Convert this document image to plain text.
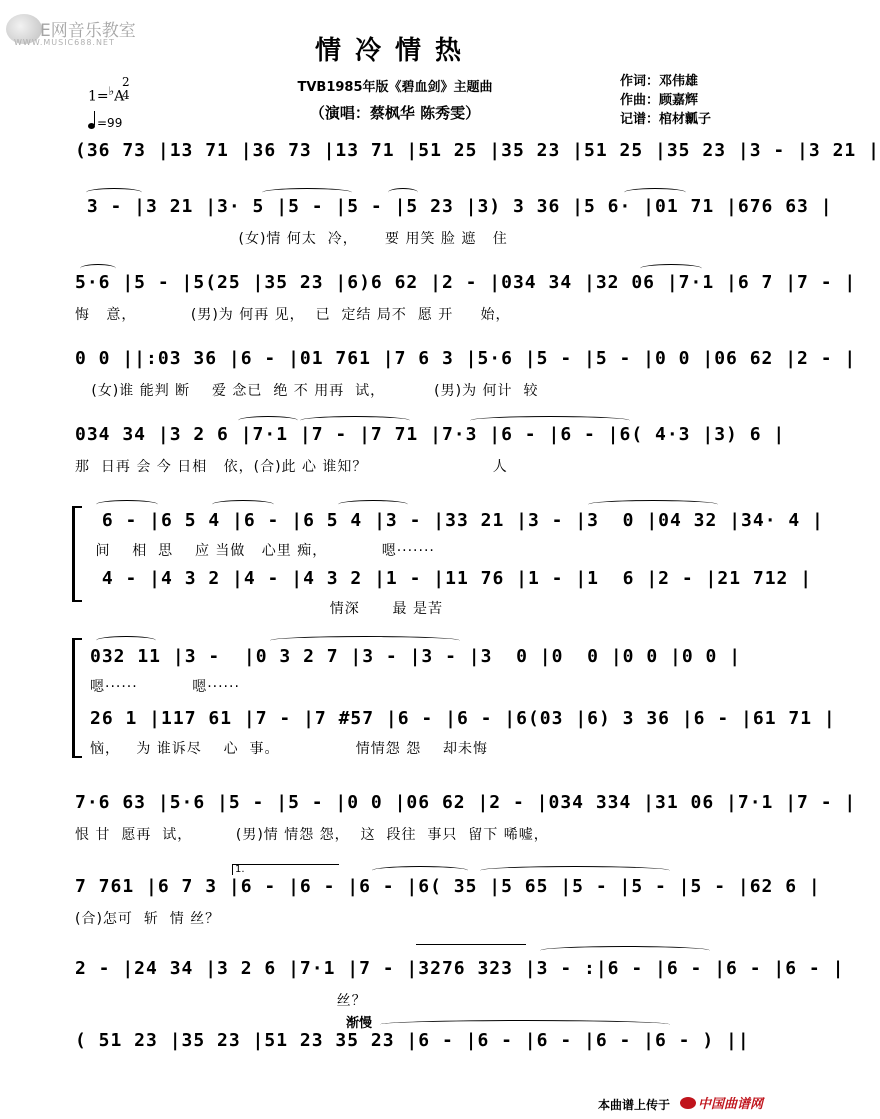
E网音乐教室
WWW.MUSIC688.NET	情冷情热
TVB1985年版《碧血剑》主题曲
（演唱：蔡枫华 陈秀雯）
作词：邓伟雄
作曲：顾嘉辉
记谱：棺材瓤子
1=♭A
2
4
=99
(36 73 |13 71 |36 73 |13 71 |51 25 |35 23 |51 25 |35 23 |3 - |3 21 |
3 - |3 21 |3· 5 |5 - |5 - |5 23 |3) 3 36 |5 6· |01 71 |676 63 |
(女)情 何太  冷，     要 用笑 脸 遮   住
5·6 |5 - |5(25 |35 23 |6)6 62 |2 - |034 34 |32 06 |7·1 |6 7 |7 - |
悔   意，          (男)为 何再 见，  已  定结 局不  愿 开     始，
0 0 ||:03 36 |6 - |01 761 |7 6 3 |5·6 |5 - |5 - |0 0 |06 62 |2 - |
(女)谁 能判 断    爱 念已  绝 不 用再  试，         (男)为 何计  较
034 34 |3 2 6 |7·1 |7 - |7 71 |7·3 |6 - |6 - |6( 4·3 |3) 6 |
那  日再 会 今 日相   依，(合)此 心 谁知？                       人
6 - |6 5 4 |6 - |6 5 4 |3 - |33 21 |3 - |3  0 |04 32 |34· 4 |
间    相  思    应 当做   心里 痴，          嗯·······
4 - |4 3 2 |4 - |4 3 2 |1 - |11 76 |1 - |1  6 |2 - |21 712 |
情深      最 是苦
032 11 |3 -  |0 3 2 7 |3 - |3 - |3  0 |0  0 |0 0 |0 0 |
嗯······          嗯······
26 1 |117 61 |7 - |7 #57 |6 - |6 - |6(03 |6) 3 36 |6 - |61 71 |
恼，   为 谁诉尽    心  事。              情情怨 怨    却未悔
7·6 63 |5·6 |5 - |5 - |0 0 |06 62 |2 - |034 334 |31 06 |7·1 |7 - |
恨 甘  愿再  试，        (男)情 情怨 怨，  这  段往  事只  留下 唏嘘，
1.
7 761 |6 7 3 |6 - |6 - |6 - |6( 35 |5 65 |5 - |5 - |5 - |62 6 |
(合)怎可  斩  情 丝？
2 - |24 34 |3 2 6 |7·1 |7 - |3276 323 |3 - :|6 - |6 - |6 - |6 - |
丝？
渐慢
( 51 23 |35 23 |51 23 35 23 |6 - |6 - |6 - |6 - |6 - ) ||
本曲谱上传于	中国曲谱网
